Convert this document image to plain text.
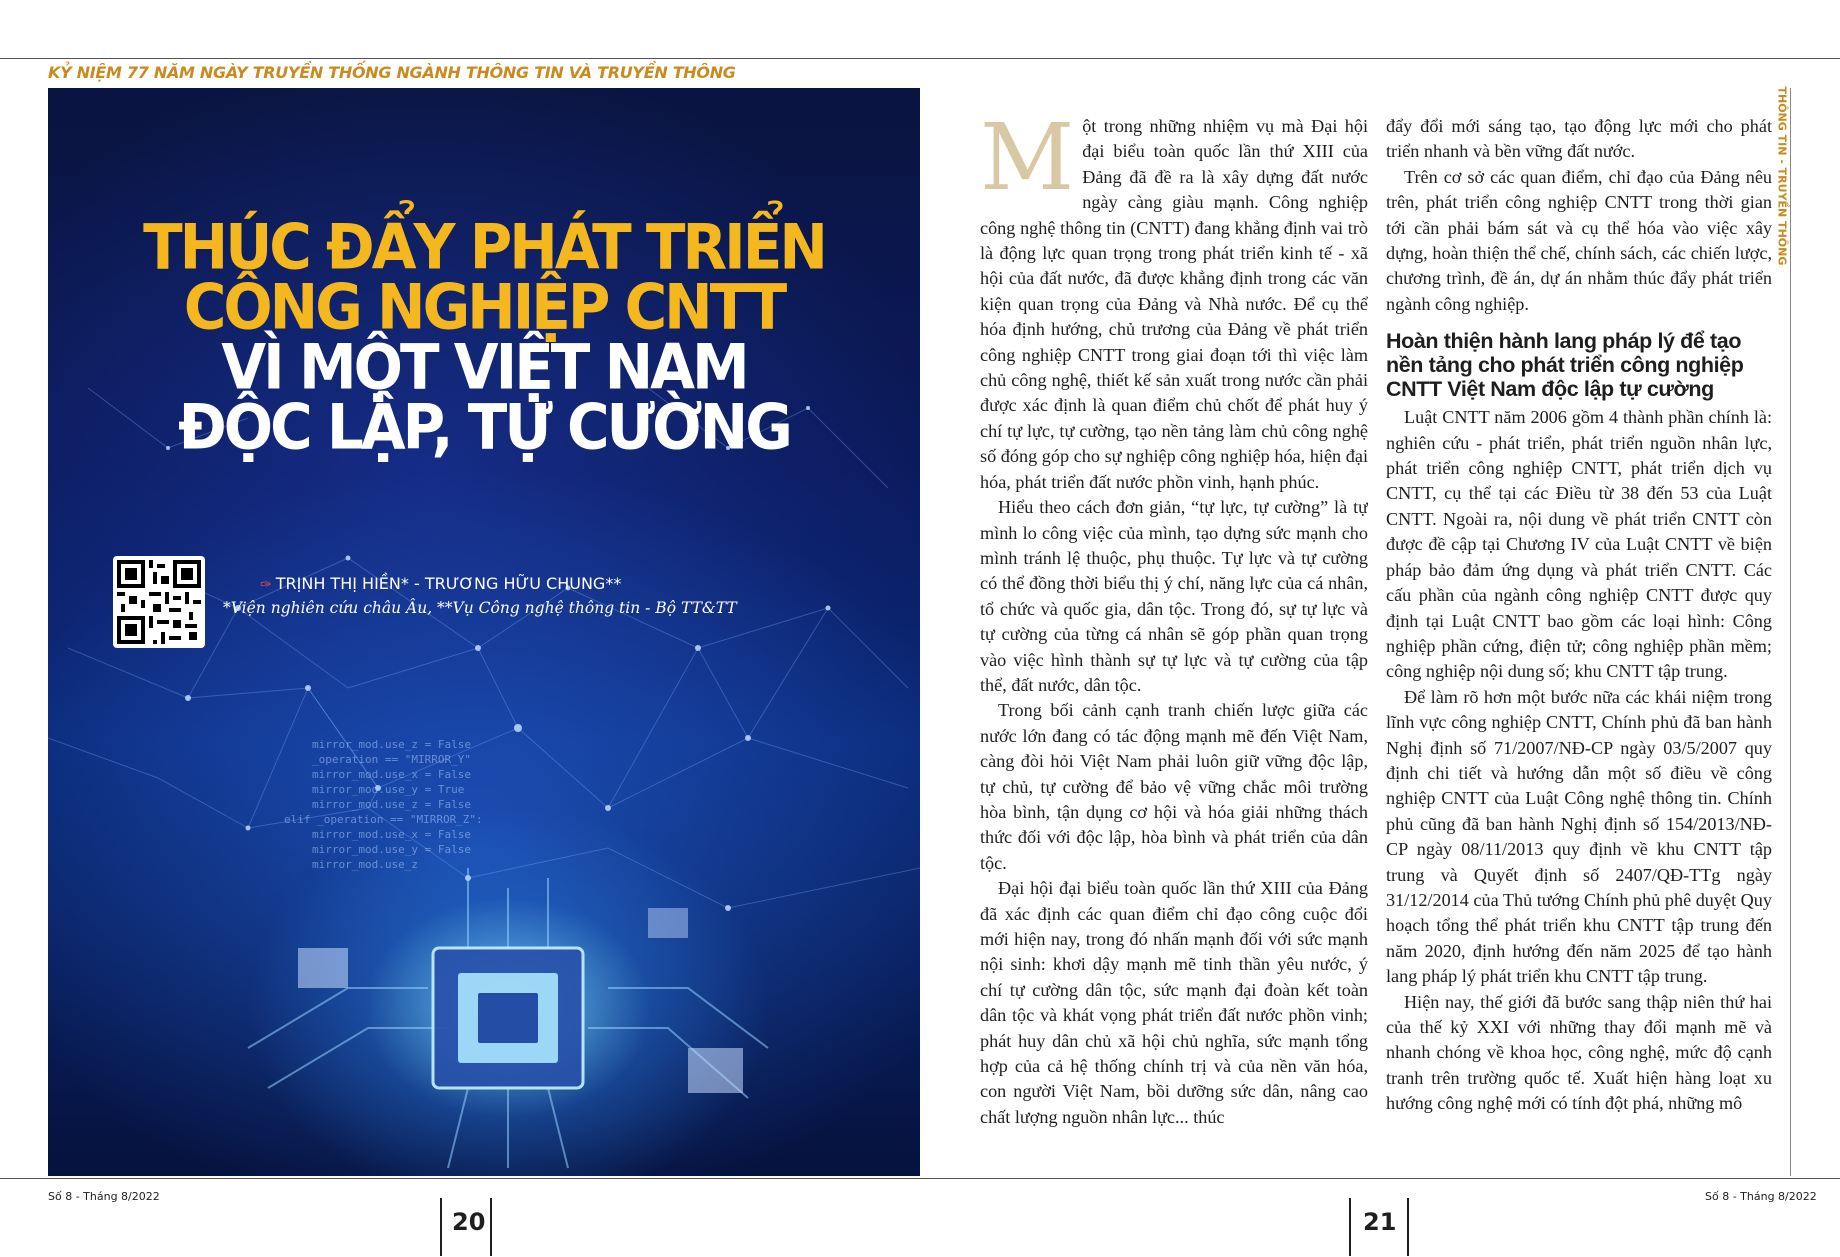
KỶ NIỆM 77 NĂM NGÀY TRUYỀN THỐNG NGÀNH THÔNG TIN VÀ TRUYỀN THÔNG
THÚC ĐẨY PHÁT TRIỂN
CÔNG NGHIỆP CNTT
VÌ MỘT VIỆT NAM
ĐỘC LẬP, TỰ CƯỜNG
✑ TRỊNH THỊ HIỀN* - TRƯƠNG HỮU CHUNG**
*Viện nghiên cứu châu Âu, **Vụ Công nghệ thông tin - Bộ TT&TT
mirror_mod.use_z = False
_operation == "MIRROR_Y"
mirror_mod.use_x = False
mirror_mod.use_y = True
mirror_mod.use_z = False
elif _operation == "MIRROR_Z":
mirror_mod.use_x = False
mirror_mod.use_y = False
mirror_mod.use_z

Một trong những nhiệm vụ mà Đại hội đại biểu toàn quốc lần thứ XIII của Đảng đã đề ra là xây dựng đất nước ngày càng giàu mạnh. Công nghiệp công nghệ thông tin (CNTT) đang khẳng định vai trò là động lực quan trọng trong phát triển kinh tế - xã hội của đất nước, đã được khẳng định trong các văn kiện quan trọng của Đảng và Nhà nước. Để cụ thể hóa định hướng, chủ trương của Đảng về phát triển công nghiệp CNTT trong giai đoạn tới thì việc làm chủ công nghệ, thiết kế sản xuất trong nước cần phải được xác định là quan điểm chủ chốt để phát huy ý chí tự lực, tự cường, tạo nền tảng làm chủ công nghệ số đóng góp cho sự nghiệp công nghiệp hóa, hiện đại hóa, phát triển đất nước phồn vinh, hạnh phúc.

Hiểu theo cách đơn giản, “tự lực, tự cường” là tự mình lo công việc của mình, tạo dựng sức mạnh cho mình tránh lệ thuộc, phụ thuộc. Tự lực và tự cường có thể đồng thời biểu thị ý chí, năng lực của cá nhân, tổ chức và quốc gia, dân tộc. Trong đó, sự tự lực và tự cường của từng cá nhân sẽ góp phần quan trọng vào việc hình thành sự tự lực và tự cường của tập thể, đất nước, dân tộc.

Trong bối cảnh cạnh tranh chiến lược giữa các nước lớn đang có tác động mạnh mẽ đến Việt Nam, càng đòi hỏi Việt Nam phải luôn giữ vững độc lập, tự chủ, tự cường để bảo vệ vững chắc môi trường hòa bình, tận dụng cơ hội và hóa giải những thách thức đối với độc lập, hòa bình và phát triển của dân tộc.

Đại hội đại biểu toàn quốc lần thứ XIII của Đảng đã xác định các quan điểm chỉ đạo công cuộc đổi mới hiện nay, trong đó nhấn mạnh đối với sức mạnh nội sinh: khơi dậy mạnh mẽ tinh thần yêu nước, ý chí tự cường dân tộc, sức mạnh đại đoàn kết toàn dân tộc và khát vọng phát triển đất nước phồn vinh; phát huy dân chủ xã hội chủ nghĩa, sức mạnh tổng hợp của cả hệ thống chính trị và của nền văn hóa, con người Việt Nam, bồi dưỡng sức dân, nâng cao chất lượng nguồn nhân lực... thúc

đẩy đổi mới sáng tạo, tạo động lực mới cho phát triển nhanh và bền vững đất nước.

Trên cơ sở các quan điểm, chỉ đạo của Đảng nêu trên, phát triển công nghiệp CNTT trong thời gian tới cần phải bám sát và cụ thể hóa vào việc xây dựng, hoàn thiện thể chế, chính sách, các chiến lược, chương trình, đề án, dự án nhằm thúc đẩy phát triển ngành công nghiệp.

Hoàn thiện hành lang pháp lý để tạo nền tảng cho phát triển công nghiệp CNTT Việt Nam độc lập tự cường

Luật CNTT năm 2006 gồm 4 thành phần chính là: nghiên cứu - phát triển, phát triển nguồn nhân lực, phát triển công nghiệp CNTT, phát triển dịch vụ CNTT, cụ thể tại các Điều từ 38 đến 53 của Luật CNTT. Ngoài ra, nội dung về phát triển CNTT còn được đề cập tại Chương IV của Luật CNTT về biện pháp bảo đảm ứng dụng và phát triển CNTT. Các cấu phần của ngành công nghiệp CNTT được quy định tại Luật CNTT bao gồm các loại hình: Công nghiệp phần cứng, điện tử; công nghiệp phần mềm; công nghiệp nội dung số; khu CNTT tập trung.

Để làm rõ hơn một bước nữa các khái niệm trong lĩnh vực công nghiệp CNTT, Chính phủ đã ban hành Nghị định số 71/2007/NĐ-CP ngày 03/5/2007 quy định chi tiết và hướng dẫn một số điều về công nghiệp CNTT của Luật Công nghệ thông tin. Chính phủ cũng đã ban hành Nghị định số 154/2013/NĐ-CP ngày 08/11/2013 quy định về khu CNTT tập trung và Quyết định số 2407/QĐ-TTg ngày 31/12/2014 của Thủ tướng Chính phủ phê duyệt Quy hoạch tổng thể phát triển khu CNTT tập trung đến năm 2020, định hướng đến năm 2025 để tạo hành lang pháp lý phát triển khu CNTT tập trung.

Hiện nay, thế giới đã bước sang thập niên thứ hai của thế kỷ XXI với những thay đổi mạnh mẽ và nhanh chóng về khoa học, công nghệ, mức độ cạnh tranh trên trường quốc tế. Xuất hiện hàng loạt xu hướng công nghệ mới có tính đột phá, những mô

THÔNG TIN - TRUYỀN THÔNG
Số 8 - Tháng 8/2022	Số 8 - Tháng 8/2022
20	21
